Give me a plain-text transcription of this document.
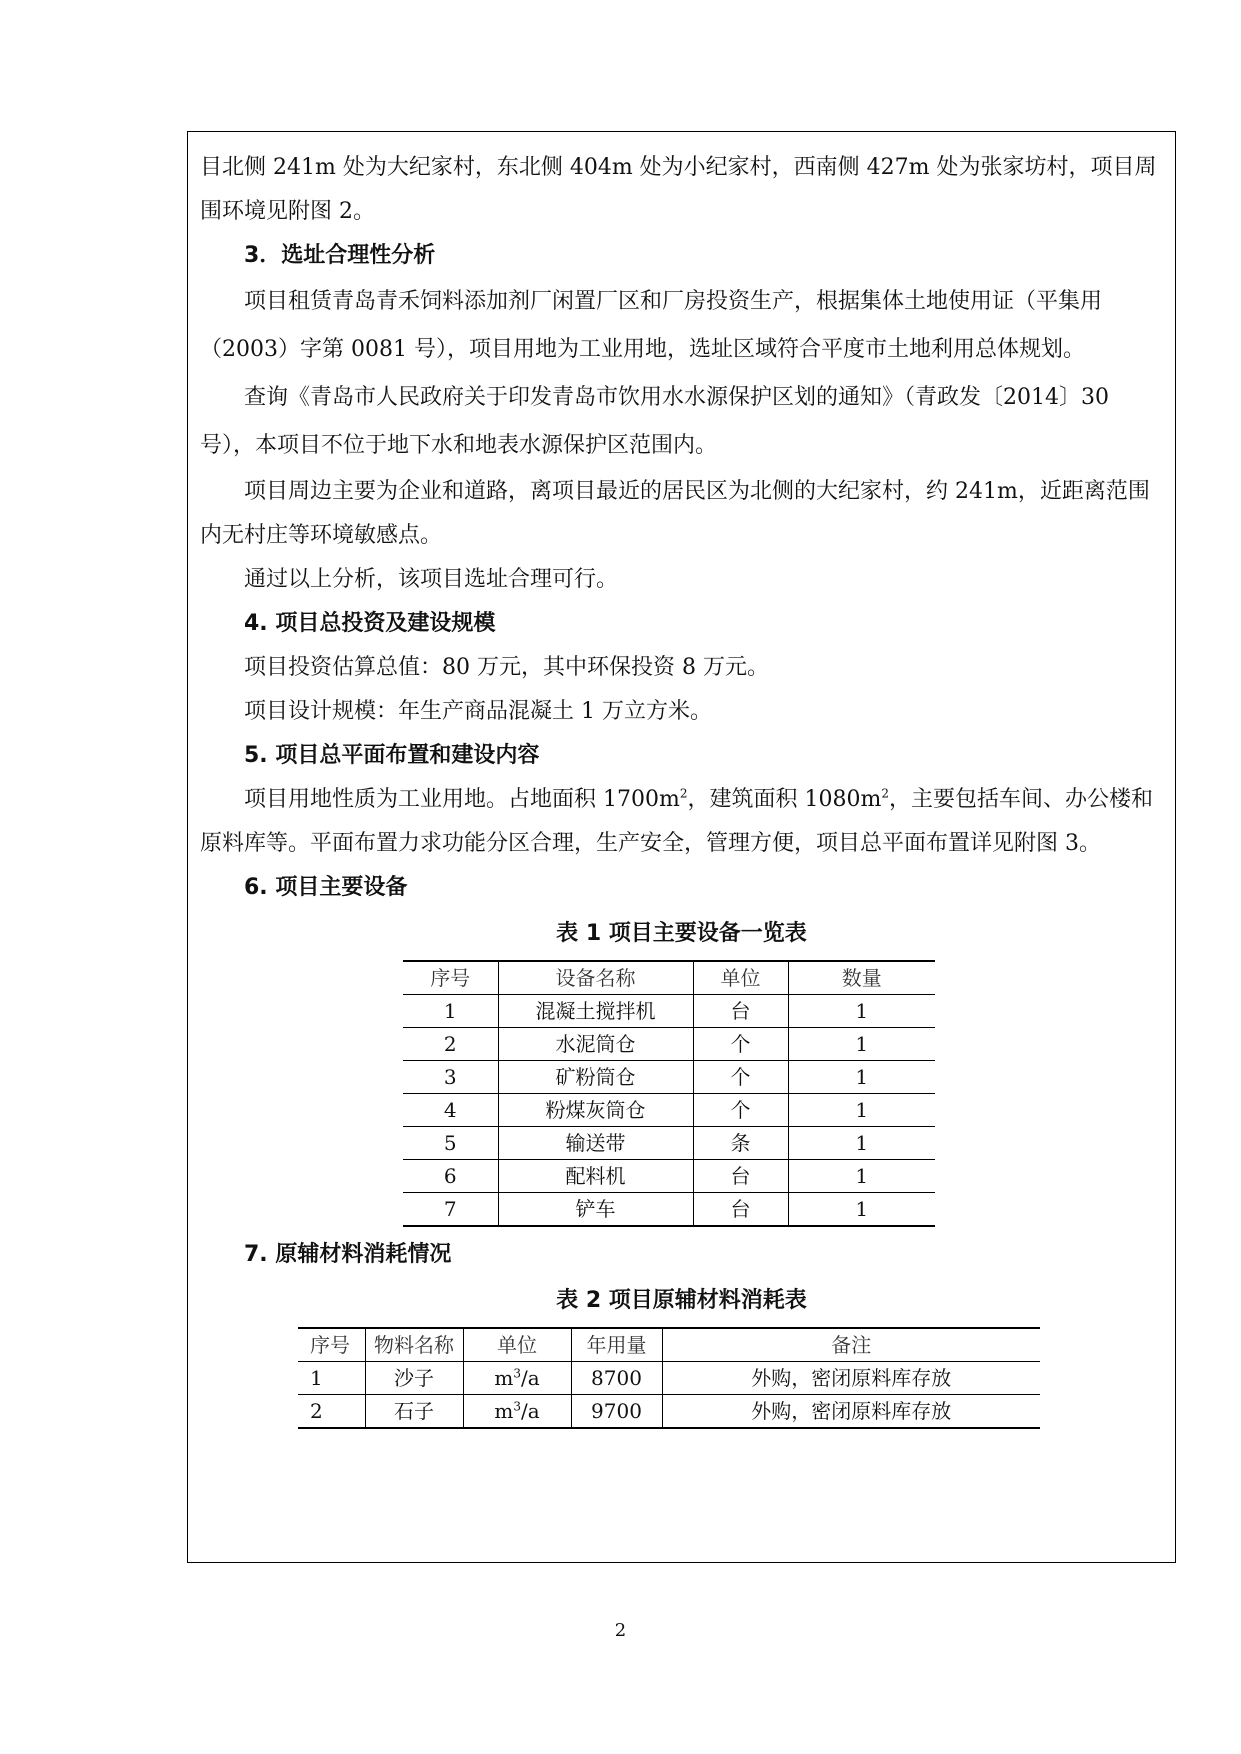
目北侧 241m 处为大纪家村，东北侧 404m 处为小纪家村，西南侧 427m 处为张家坊村，项目周围环境见附图 2。

3．选址合理性分析

项目租赁青岛青禾饲料添加剂厂闲置厂区和厂房投资生产，根据集体土地使用证（平集用（2003）字第 0081 号），项目用地为工业用地，选址区域符合平度市土地利用总体规划。

查询《青岛市人民政府关于印发青岛市饮用水水源保护区划的通知》（青政发〔2014〕30 号），本项目不位于地下水和地表水源保护区范围内。

项目周边主要为企业和道路，离项目最近的居民区为北侧的大纪家村，约 241m，近距离范围内无村庄等环境敏感点。

通过以上分析，该项目选址合理可行。

4. 项目总投资及建设规模

项目投资估算总值：80 万元，其中环保投资 8 万元。

项目设计规模：年生产商品混凝土 1 万立方米。

5. 项目总平面布置和建设内容

项目用地性质为工业用地。占地面积 $1700m^2$，建筑面积 $1080m^2$，主要包括车间、办公楼和原料库等。平面布置力求功能分区合理，生产安全，管理方便，项目总平面布置详见附图 3。

6. 项目主要设备
表 1 项目主要设备一览表
序号	设备名称	单位	数量
1	混凝土搅拌机	台	1
2	水泥筒仓	个	1
3	矿粉筒仓	个	1
4	粉煤灰筒仓	个	1
5	输送带	条	1
6	配料机	台	1
7	铲车	台	1
7. 原辅材料消耗情况
表 2 项目原辅材料消耗表
序号	物料名称	单位	年用量	备注
1	沙子	$m^3/a$	8700	外购，密闭原料库存放
2	石子	$m^3/a$	9700	外购，密闭原料库存放
2
